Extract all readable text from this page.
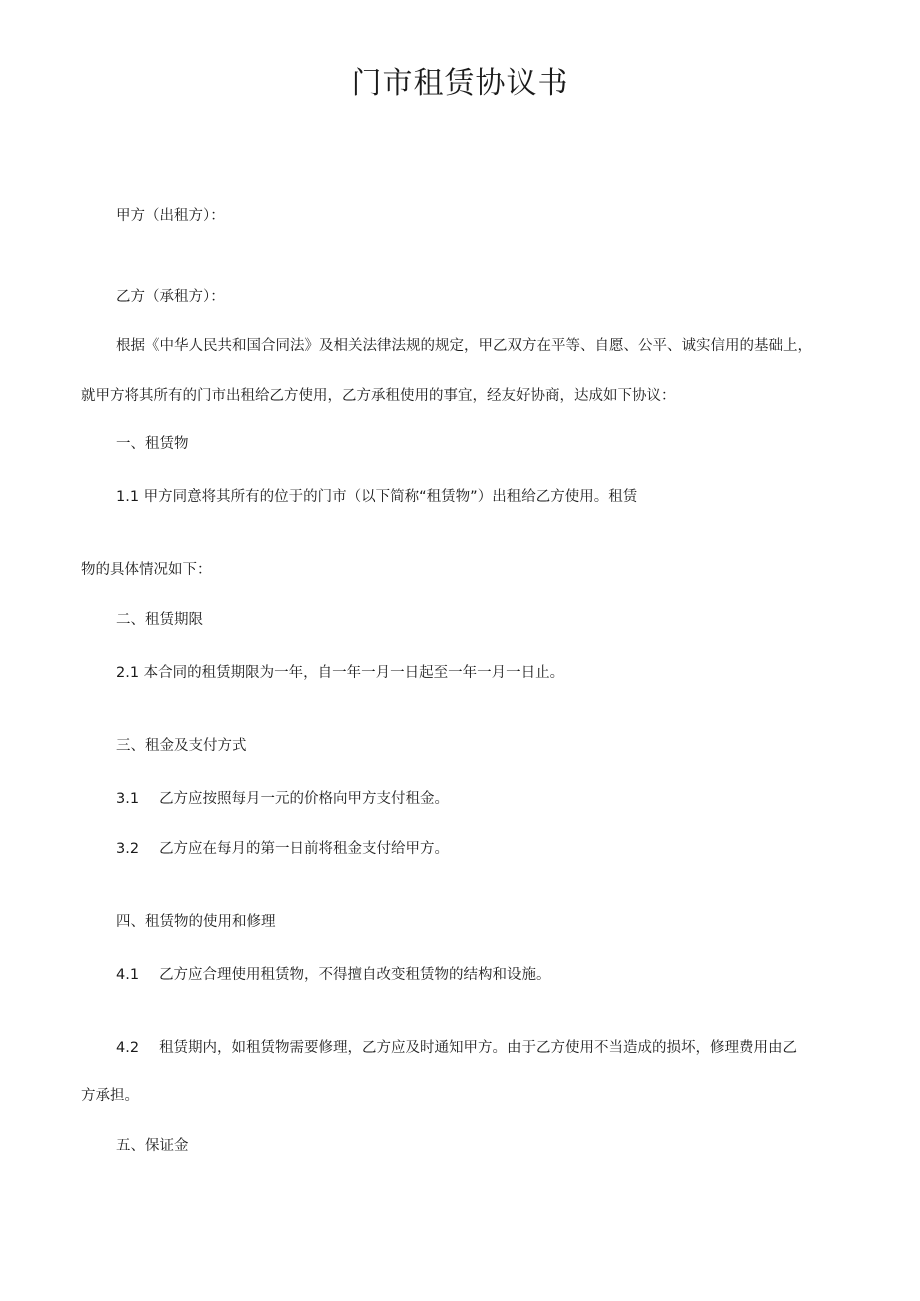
门市租赁协议书

甲方（出租方）：

乙方（承租方）：

根据《中华人民共和国合同法》及相关法律法规的规定，甲乙双方在平等、自愿、公平、诚实信用的基础上，

就甲方将其所有的门市出租给乙方使用，乙方承租使用的事宜，经友好协商，达成如下协议：

一、租赁物

1.1 甲方同意将其所有的位于的门市（以下简称“租赁物”）出租给乙方使用。租赁

物的具体情况如下：

二、租赁期限

2.1 本合同的租赁期限为一年，自一年一月一日起至一年一月一日止。

三、租金及支付方式

3.1 乙方应按照每月一元的价格向甲方支付租金。

3.2 乙方应在每月的第一日前将租金支付给甲方。

四、租赁物的使用和修理

4.1 乙方应合理使用租赁物，不得擅自改变租赁物的结构和设施。

4.2 租赁期内，如租赁物需要修理，乙方应及时通知甲方。由于乙方使用不当造成的损坏，修理费用由乙

方承担。

五、保证金
